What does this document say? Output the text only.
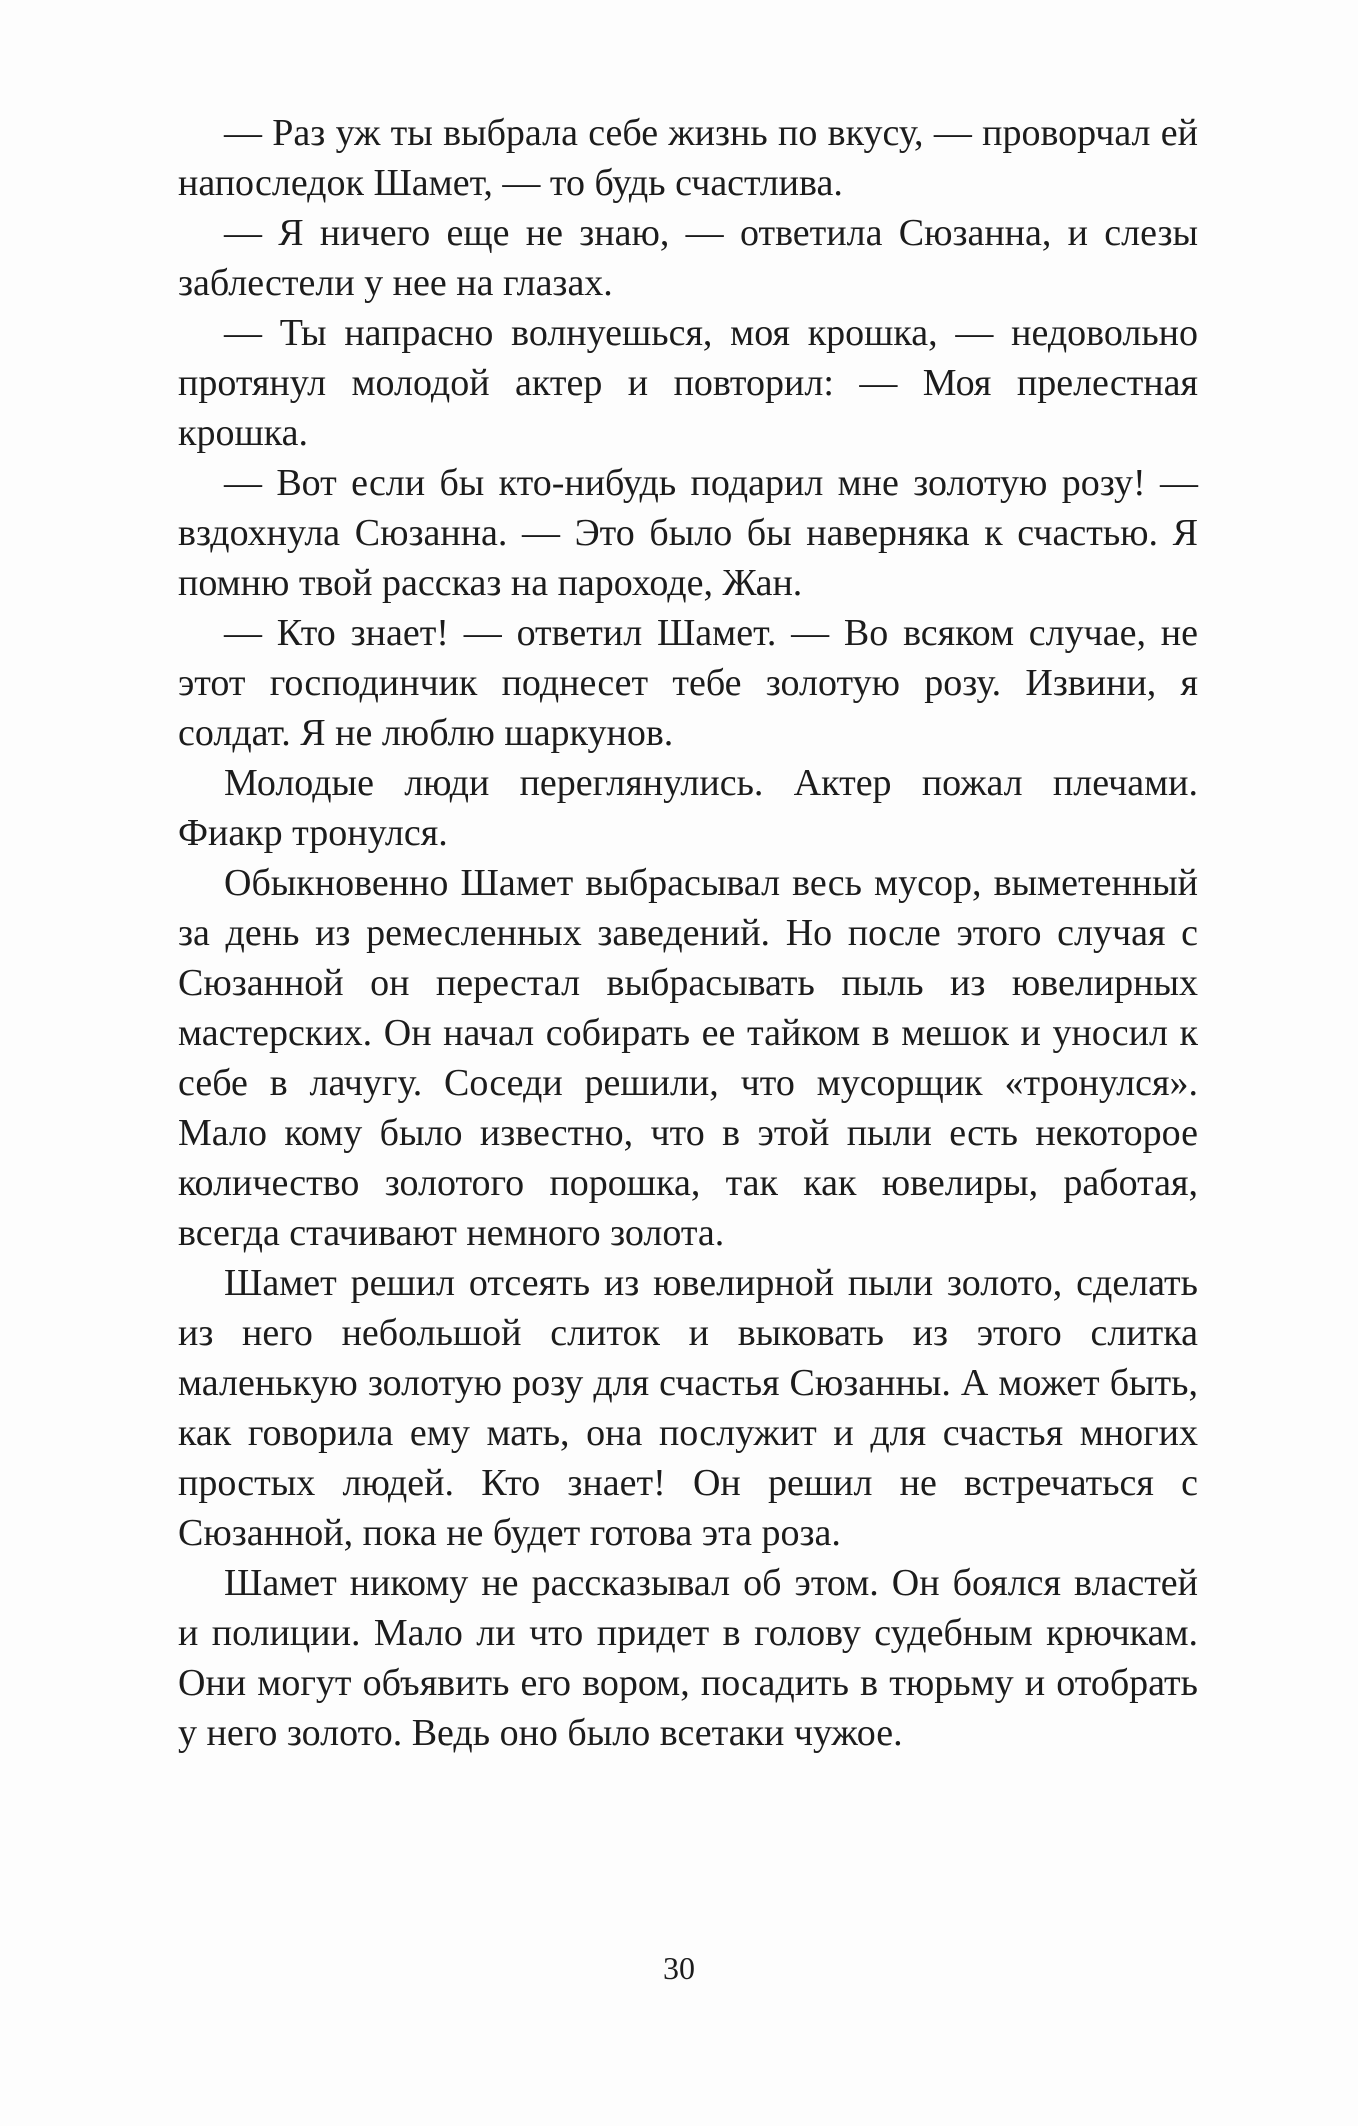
— Раз уж ты выбрала себе жизнь по вкусу, — проворчал ей напоследок Шамет, — то будь счастлива.

— Я ничего еще не знаю, — ответила Сюзанна, и слезы заблестели у нее на глазах.

— Ты напрасно волнуешься, моя крошка, — недовольно протянул молодой актер и повторил: — Моя прелестная крошка.

— Вот если бы кто-нибудь подарил мне золотую розу! — вздохнула Сюзанна. — Это было бы наверняка к счастью. Я помню твой рассказ на пароходе, Жан.

— Кто знает! — ответил Шамет. — Во всяком случае, не этот господинчик поднесет тебе золотую розу. Извини, я солдат. Я не люблю шаркунов.

Молодые люди переглянулись. Актер пожал плечами. Фиакр тронулся.

Обыкновенно Шамет выбрасывал весь мусор, выметенный за день из ремесленных заведений. Но после этого случая с Сюзанной он перестал выбрасывать пыль из ювелирных мастерских. Он начал собирать ее тайком в мешок и уносил к себе в лачугу. Соседи решили, что мусорщик «тронулся». Мало кому было известно, что в этой пыли есть некоторое количество золотого порошка, так как ювелиры, работая, всегда стачивают немного золота.

Шамет решил отсеять из ювелирной пыли золото, сделать из него небольшой слиток и выковать из этого слитка маленькую золотую розу для счастья Сюзанны. А может быть, как говорила ему мать, она послужит и для счастья многих простых людей. Кто знает! Он решил не встречаться с Сюзанной, пока не будет готова эта роза.

Шамет никому не рассказывал об этом. Он боялся властей и полиции. Мало ли что придет в голову судебным крючкам. Они могут объявить его вором, посадить в тюрьму и отобрать у него золото. Ведь оно было всетаки чужое.

30
